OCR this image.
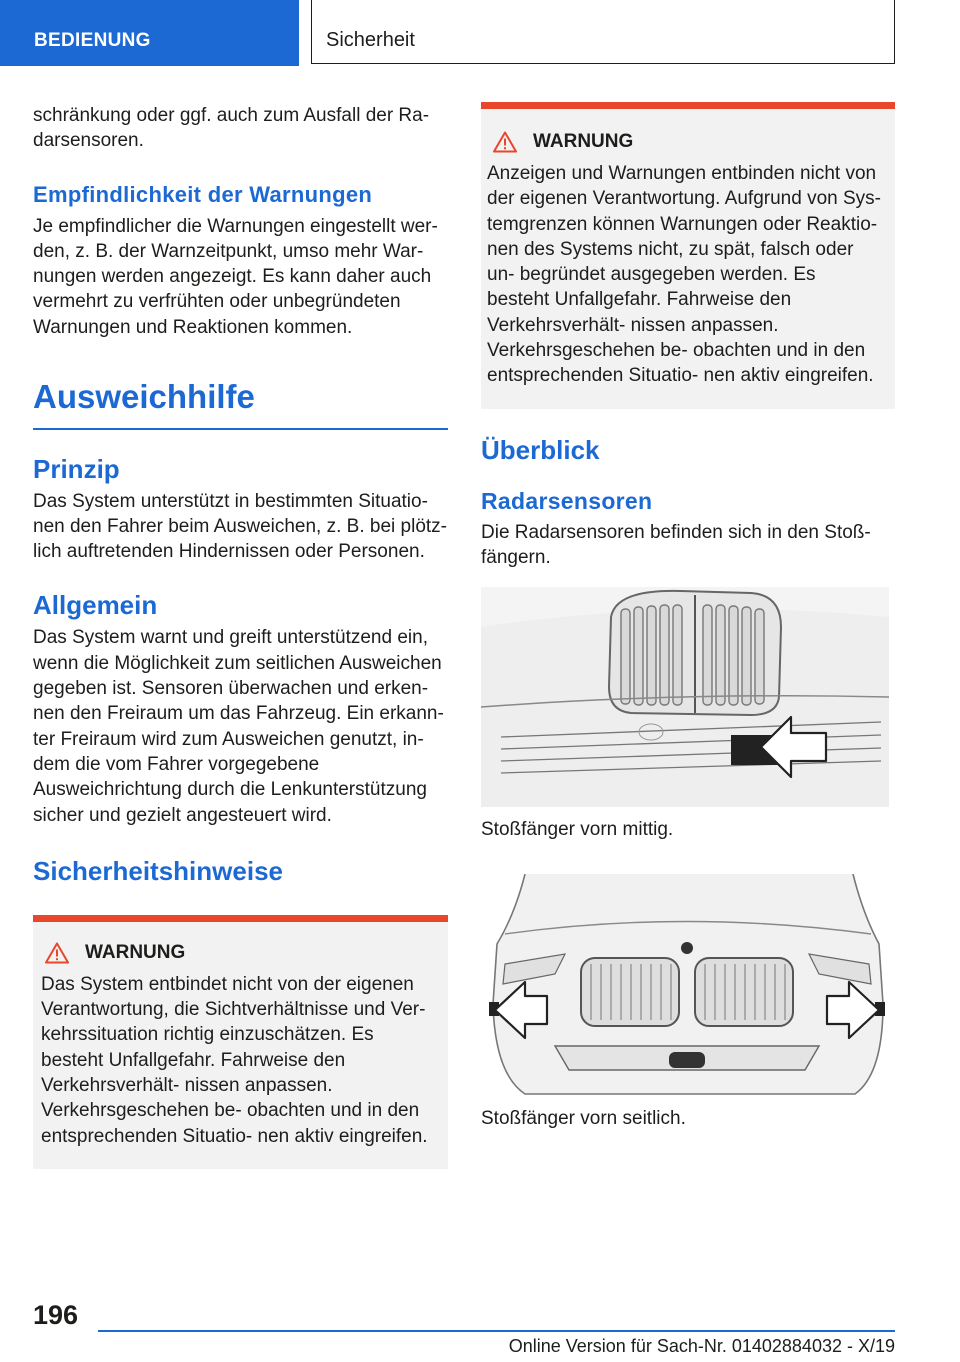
BEDIENUNG	Sicherheit

schränkung oder ggf. auch zum Ausfall der Ra‐ darsensoren.

Empfindlichkeit der Warnungen

Je empfindlicher die Warnungen eingestellt wer‐ den, z. B. der Warnzeitpunkt, umso mehr War‐ nungen werden angezeigt. Es kann daher auch vermehrt zu verfrühten oder unbegründeten Warnungen und Reaktionen kommen.

Ausweichhilfe
Prinzip

Das System unterstützt in bestimmten Situatio‐ nen den Fahrer beim Ausweichen, z. B. bei plötz‐ lich auftretenden Hindernissen oder Personen.

Allgemein

Das System warnt und greift unterstützend ein, wenn die Möglichkeit zum seitlichen Ausweichen gegeben ist. Sensoren überwachen und erken‐ nen den Freiraum um das Fahrzeug. Ein erkann‐ ter Freiraum wird zum Ausweichen genutzt, in‐ dem die vom Fahrer vorgegebene Ausweichrichtung durch die Lenkunterstützung sicher und gezielt angesteuert wird.

Sicherheitshinweise
WARNUNG

Das System entbindet nicht von der eigenen Verantwortung, die Sichtverhältnisse und Ver‐ kehrssituation richtig einzuschätzen. Es besteht Unfallgefahr. Fahrweise den Verkehrsverhält‐ nissen anpassen. Verkehrsgeschehen be‐ obachten und in den entsprechenden Situatio‐ nen aktiv eingreifen.

WARNUNG

Anzeigen und Warnungen entbinden nicht von der eigenen Verantwortung. Aufgrund von Sys‐ temgrenzen können Warnungen oder Reaktio‐ nen des Systems nicht, zu spät, falsch oder un‐ begründet ausgegeben werden. Es besteht Unfallgefahr. Fahrweise den Verkehrsverhält‐ nissen anpassen. Verkehrsgeschehen be‐ obachten und in den entsprechenden Situatio‐ nen aktiv eingreifen.

Überblick
Radarsensoren

Die Radarsensoren befinden sich in den Stoß‐ fängern.

Stoßfänger vorn mittig.

Stoßfänger vorn seitlich.

196
Online Version für Sach-Nr. 01402884032 - X/19
